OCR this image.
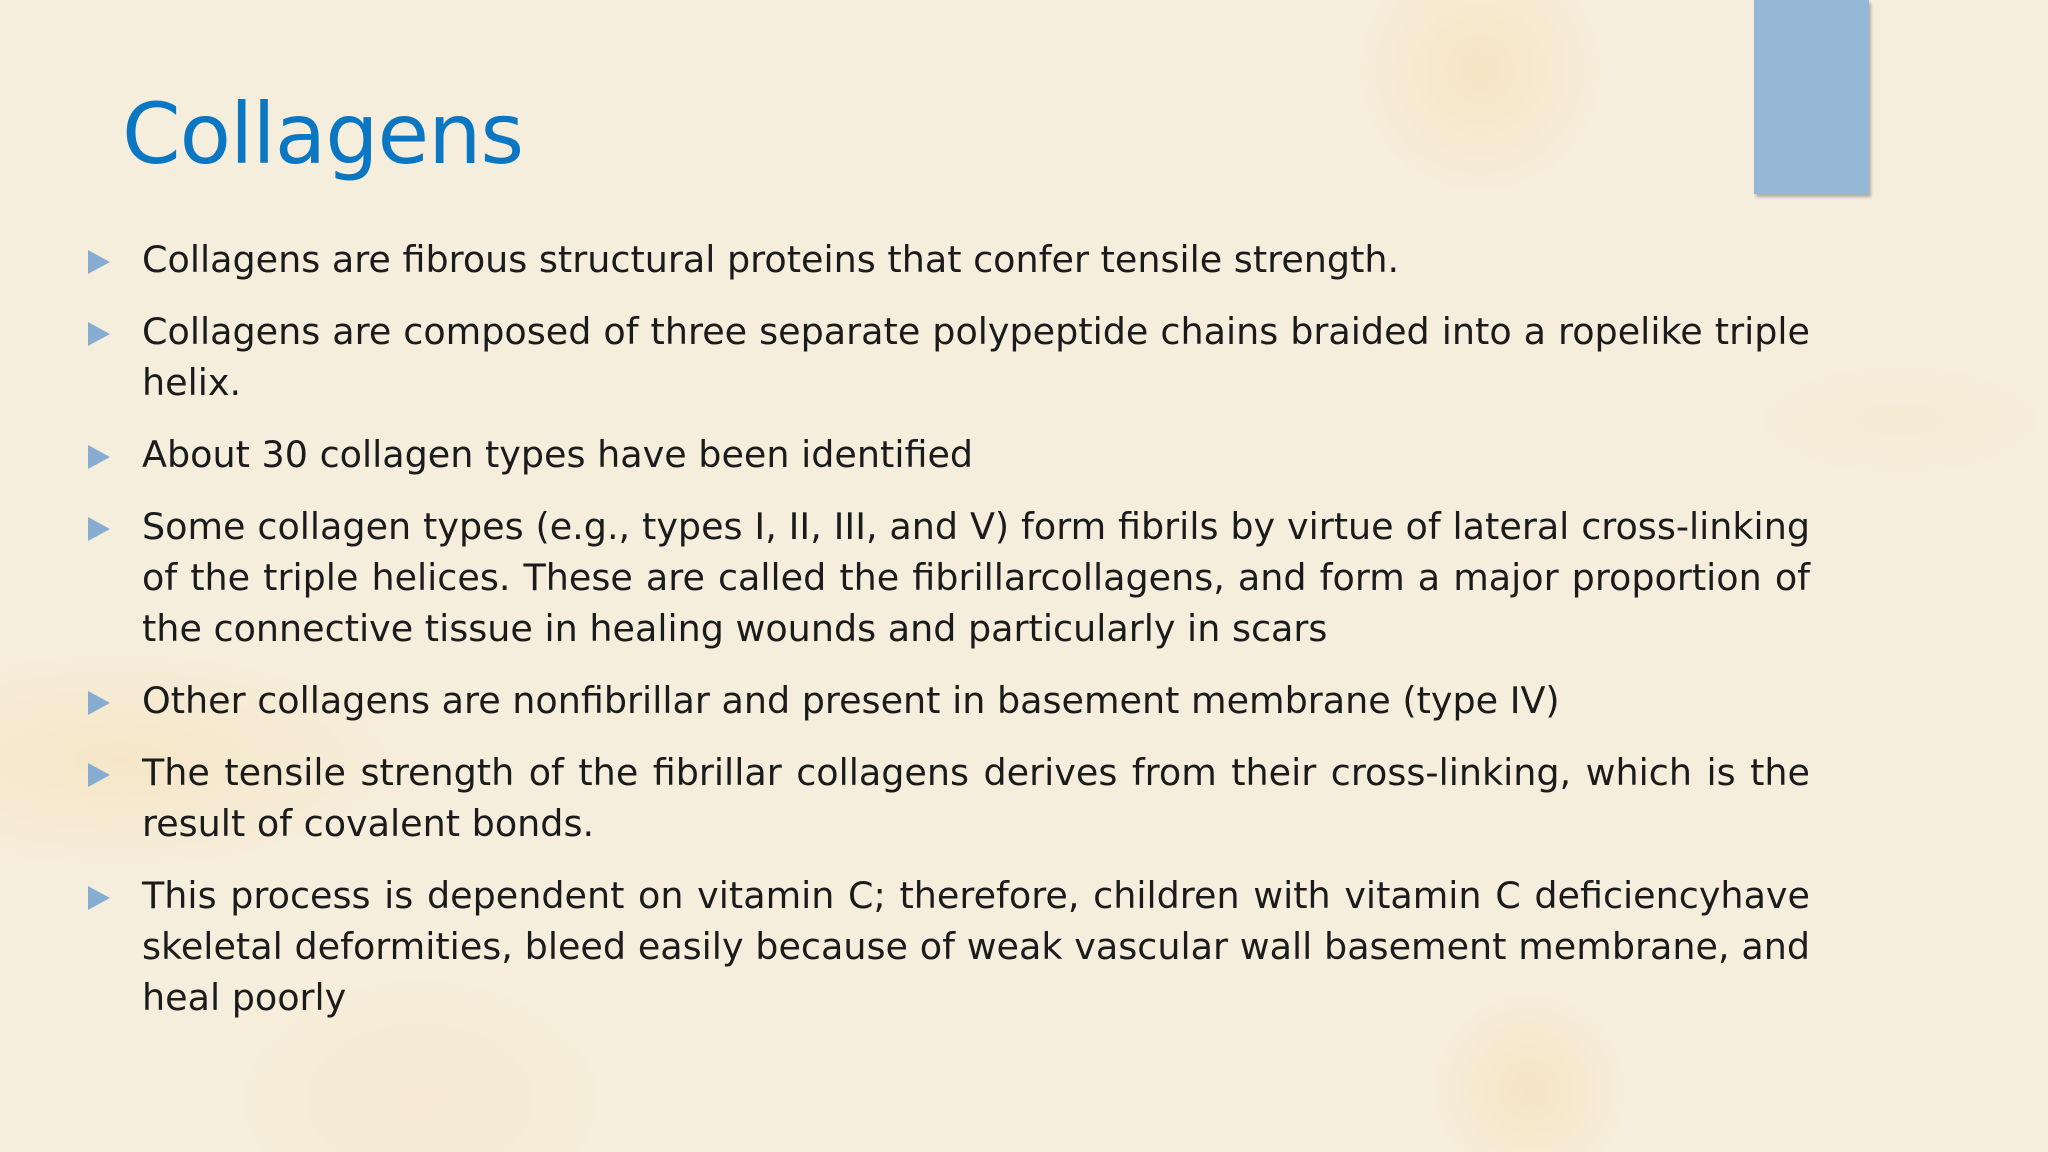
Collagens
Collagens are fibrous structural proteins that confer tensile strength.
Collagens are composed of three separate polypeptide chains braided into a ropelike triple helix.
About 30 collagen types have been identified
Some collagen types (e.g., types I, II, III, and V) form fibrils by virtue of lateral cross-linking of the triple helices. These are called the fibrillarcollagens, and form a major proportion of the connective tissue in healing wounds and particularly in scars
Other collagens are nonfibrillar and present in basement membrane (type IV)
The tensile strength of the fibrillar collagens derives from their cross-linking, which is the result of covalent bonds.
This process is dependent on vitamin C; therefore, children with vitamin C deficiencyhave skeletal deformities, bleed easily because of weak vascular wall basement membrane, and heal poorly
